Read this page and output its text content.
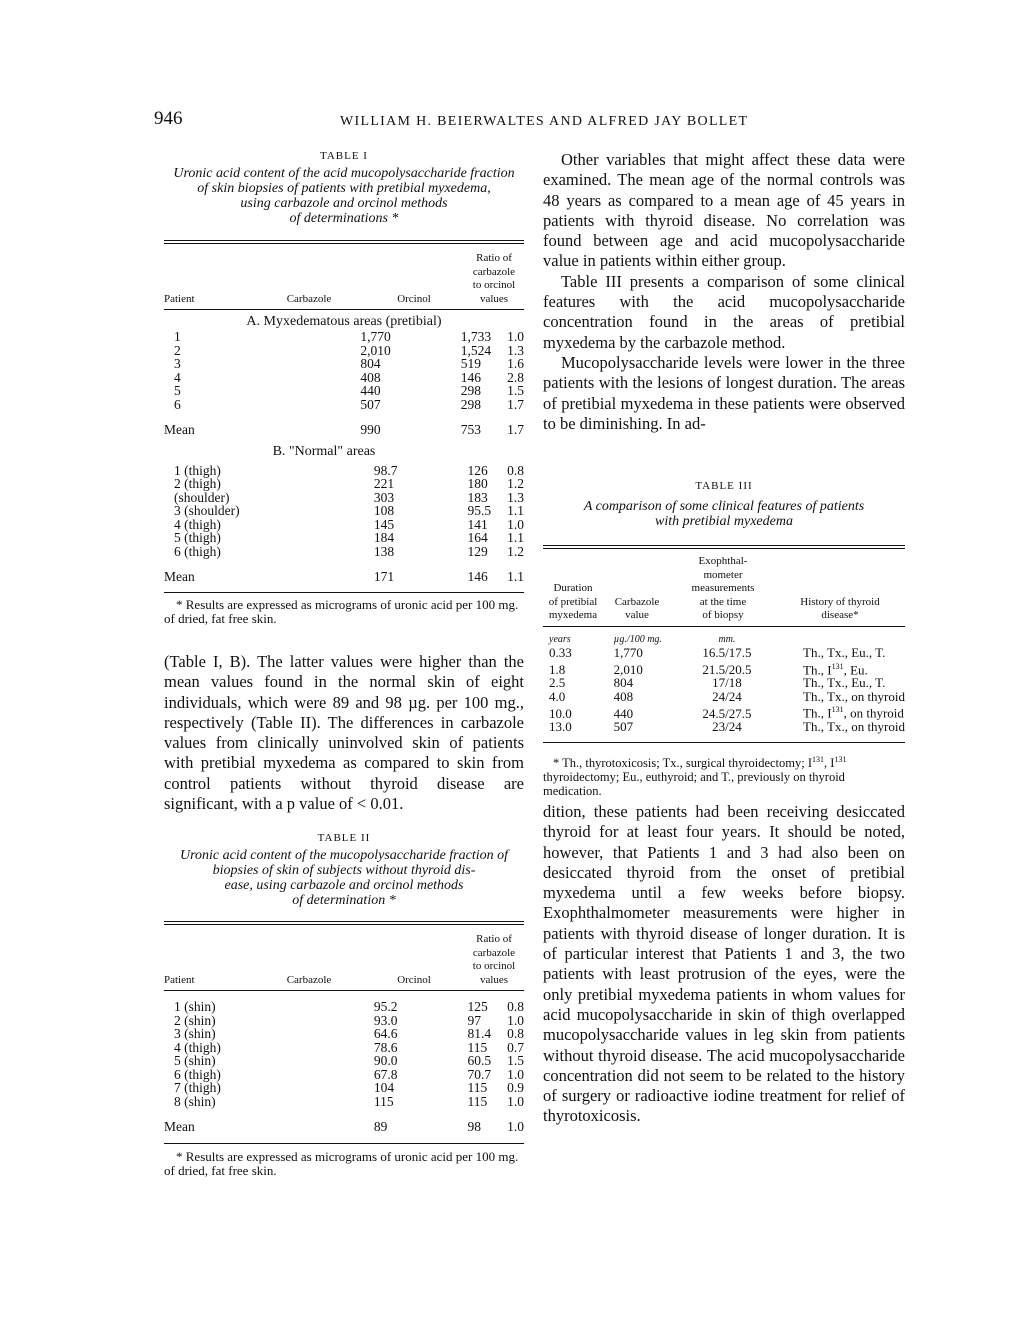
946	WILLIAM H. BEIERWALTES AND ALFRED JAY BOLLET
TABLE I
Uronic acid content of the acid mucopolysaccharide fraction
of skin biopsies of patients with pretibial myxedema,
using carbazole and orcinol methods
of determinations *
Patient	Carbazole	Orcinol	
Ratio of
carbazole
to orcinol
values
A. Myxedematous areas (pretibial)
1	1,770	1,733	1.0
2	2,010	1,524	1.3
3	804	519	1.6
4	408	146	2.8
5	440	298	1.5
6	507	298	1.7

Mean	990	753	1.7
B. "Normal" areas
1 (thigh)	98.7	126	0.8
2 (thigh)	221	180	1.2
(shoulder)	303	183	1.3
3 (shoulder)	108	95.5	1.1
4 (thigh)	145	141	1.0
5 (thigh)	184	164	1.1
6 (thigh)	138	129	1.2

Mean	171	146	1.1
* Results are expressed as micrograms of uronic acid per 100 mg. of dried, fat free skin.

(Table I, B). The latter values were higher than the mean values found in the normal skin of eight individuals, which were 89 and 98 µg. per 100 mg., respectively (Table II). The differences in carbazole values from clinically uninvolved skin of patients with pretibial myxedema as compared to skin from control patients without thyroid disease are significant, with a p value of < 0.01.

TABLE II
Uronic acid content of the mucopolysaccharide fraction of
biopsies of skin of subjects without thyroid dis-
ease, using carbazole and orcinol methods
of determination *
Patient	Carbazole	Orcinol	
Ratio of
carbazole
to orcinol
values
1 (shin)	95.2	125	0.8
2 (shin)	93.0	97	1.0
3 (shin)	64.6	81.4	0.8
4 (thigh)	78.6	115	0.7
5 (shin)	90.0	60.5	1.5
6 (thigh)	67.8	70.7	1.0
7 (thigh)	104	115	0.9
8 (shin)	115	115	1.0

Mean	89	98	1.0
* Results are expressed as micrograms of uronic acid per 100 mg. of dried, fat free skin.

Other variables that might affect these data were examined. The mean age of the normal controls was 48 years as compared to a mean age of 45 years in patients with thyroid disease. No correlation was found between age and acid mucopolysaccharide value in patients within either group.

Table III presents a comparison of some clinical features with the acid mucopolysaccharide concentration found in the areas of pretibial myxedema by the carbazole method.

Mucopolysaccharide levels were lower in the three patients with the lesions of longest duration. The areas of pretibial myxedema in these patients were observed to be diminishing. In ad-

TABLE III
A comparison of some clinical features of patients
with pretibial myxedema
Duration
of pretibial
myxedema

Carbazole
value

Exophthal-
mometer
measurements
at the time
of biopsy

History of thyroid
disease*
years	µg./100 mg.	mm.	
0.33	1,770	16.5/17.5	Th., Tx., Eu., T.
1.8	2,010	21.5/20.5	Th., $I^{131}$, Eu.
2.5	804	17/18	Th., Tx., Eu., T.
4.0	408	24/24	Th., Tx., on thyroid
10.0	440	24.5/27.5	Th., $I^{131}$, on thyroid
13.0	507	23/24	Th., Tx., on thyroid
* Th., thyrotoxicosis; Tx., surgical thyroidectomy; $I^{131}$, $I^{131}$ thyroidectomy; Eu., euthyroid; and T., previously on thyroid medication.

dition, these patients had been receiving desiccated thyroid for at least four years. It should be noted, however, that Patients 1 and 3 had also been on desiccated thyroid from the onset of pretibial myxedema until a few weeks before biopsy. Exophthalmometer measurements were higher in patients with thyroid disease of longer duration. It is of particular interest that Patients 1 and 3, the two patients with least protrusion of the eyes, were the only pretibial myxedema patients in whom values for acid mucopolysaccharide in skin of thigh overlapped mucopolysaccharide values in leg skin from patients without thyroid disease. The acid mucopolysaccharide concentration did not seem to be related to the history of surgery or radioactive iodine treatment for relief of thyrotoxicosis.
